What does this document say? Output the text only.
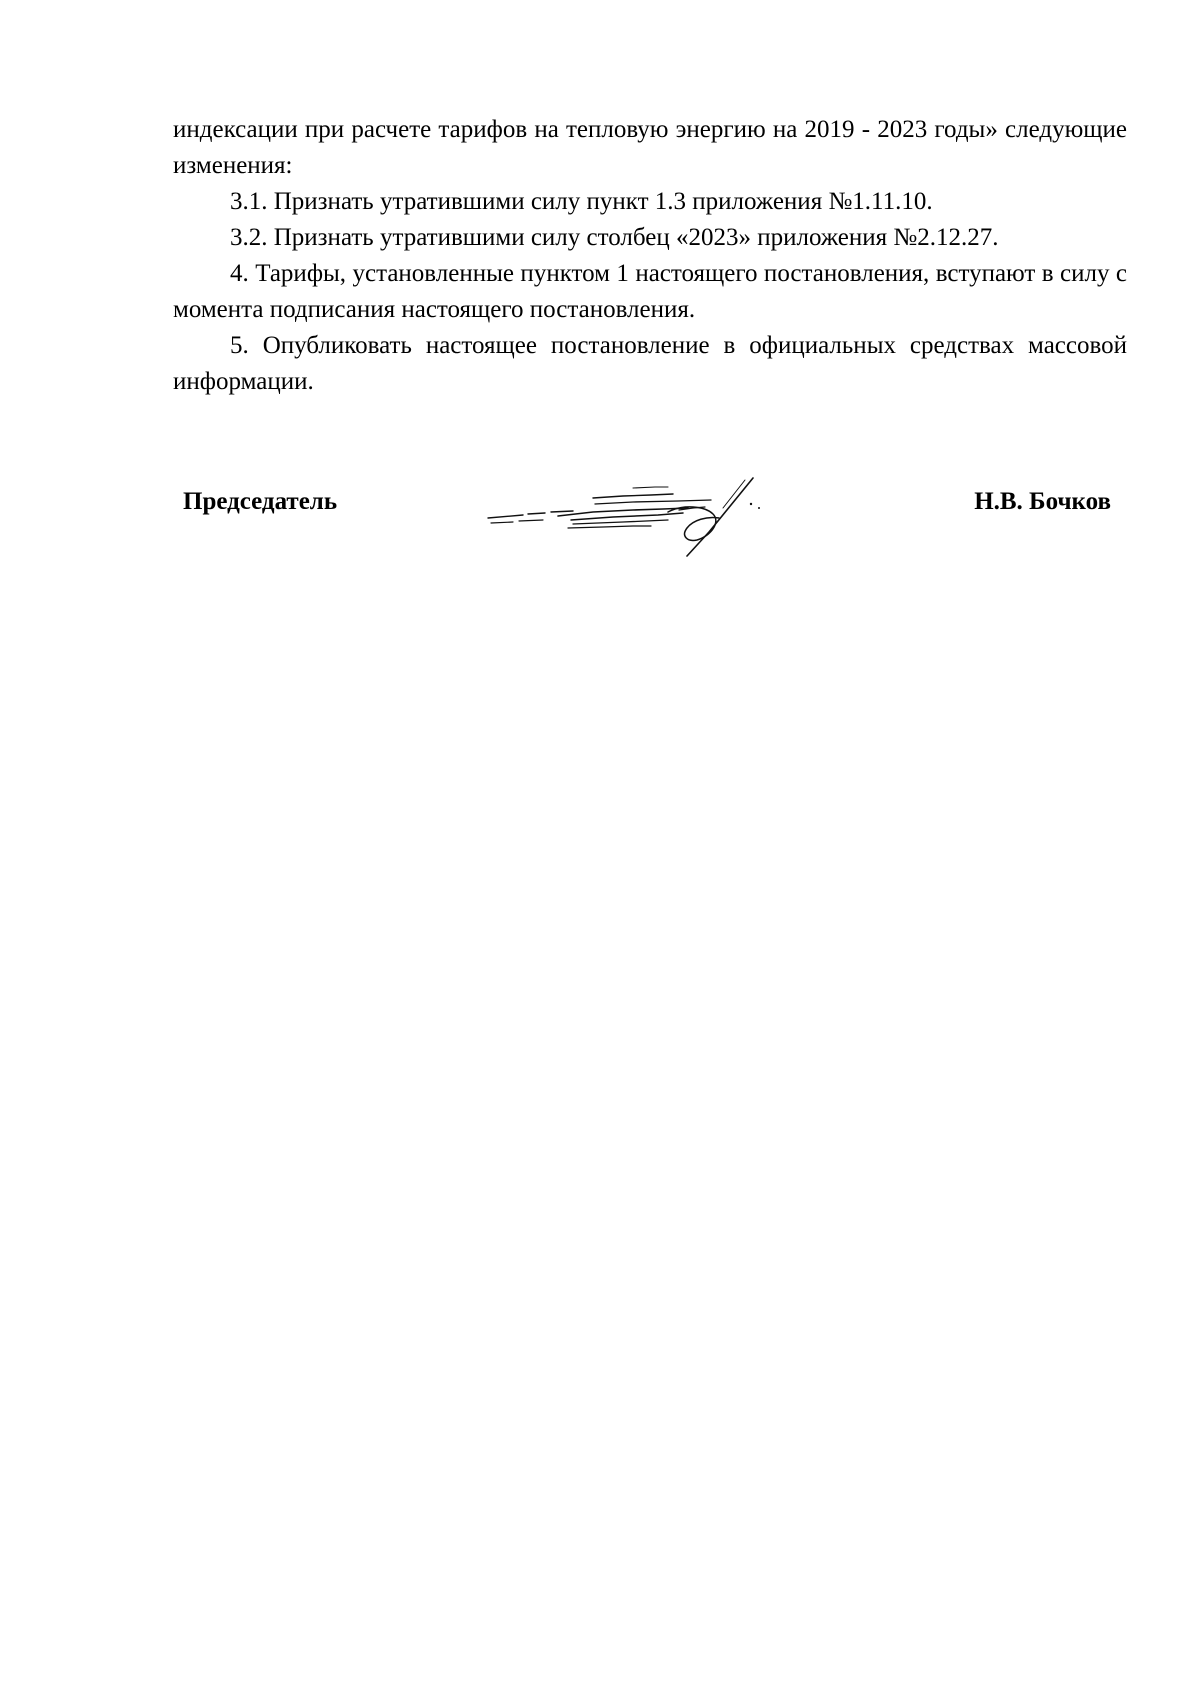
индексации при расчете тарифов на тепловую энергию на 2019 - 2023 годы» следующие изменения:

3.1. Признать утратившими силу пункт 1.3 приложения №1.11.10.

3.2. Признать утратившими силу столбец «2023» приложения №2.12.27.

4. Тарифы, установленные пунктом 1 настоящего постановления, вступают в силу с момента подписания настоящего постановления.

5. Опубликовать настоящее постановление в официальных средствах массовой информации.

Председатель	Н.В. Бочков
